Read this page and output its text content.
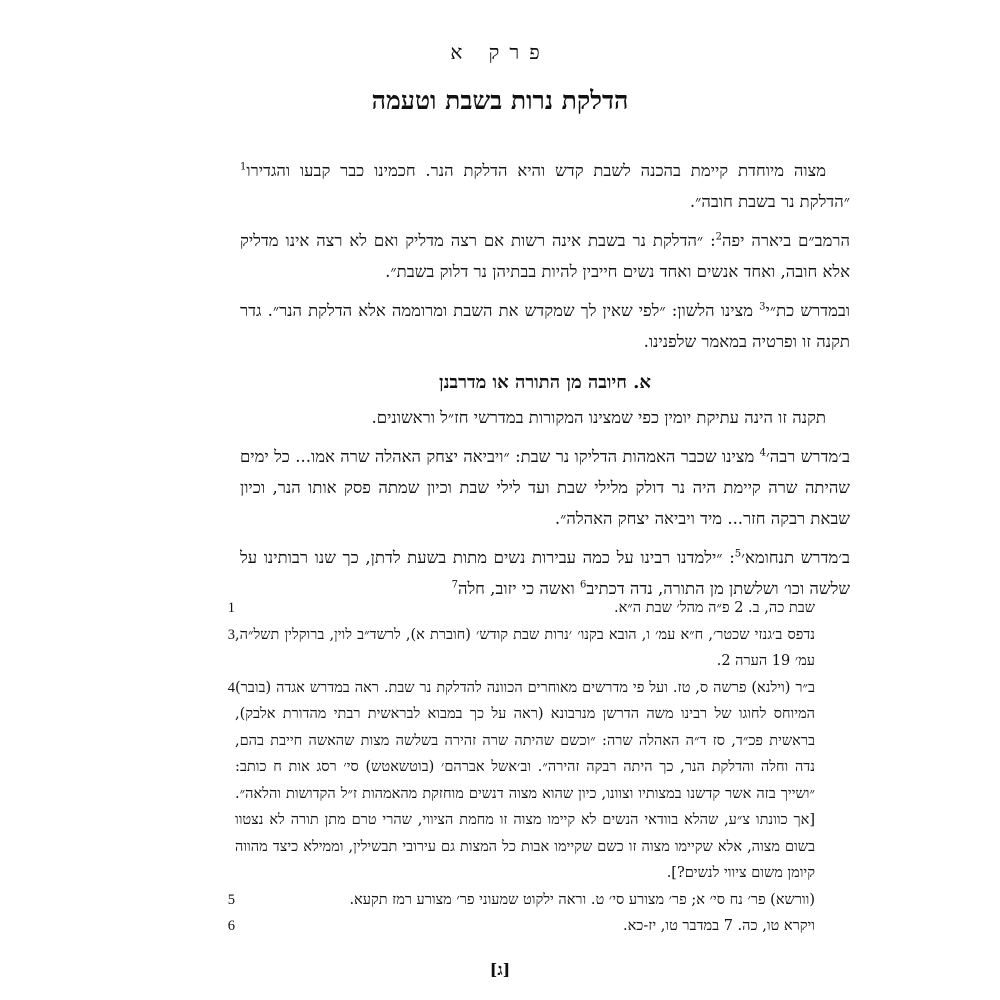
פרק א
הדלקת נרות בשבת וטעמה

מצוה מיוחדת קיימת בהכנה לשבת קדש והיא הדלקת הנר. חכמינו כבר קבעו והגדירו$^1$ ״הדלקת נר בשבת חובה״.

הרמב״ם ביארה יפה$^2$: ״הדלקת נר בשבת אינה רשות אם רצה מדליק ואם לא רצה אינו מדליק אלא חובה, ואחד אנשים ואחד נשים חייבין להיות בבתיהן נר דלוק בשבת״.

ובמדרש כת״י$^3$ מצינו הלשון: ״לפי שאין לך שמקדש את השבת ומרוממה אלא הדלקת הנר״. גדר תקנה זו ופרטיה במאמר שלפנינו.

א. חיובה מן התורה או מדרבנן

תקנה זו הינה עתיקת יומין כפי שמצינו המקורות במדרשי חז״ל וראשונים.

ב׳מדרש רבה׳$^4$ מצינו שכבר האמהות הדליקו נר שבת: ״ויביאה יצחק האהלה שרה אמו... כל ימים שהיתה שרה קיימת היה נר דולק מלילי שבת ועד לילי שבת וכיון שמתה פסק אותו הנר, וכיון שבאת רבקה חזר... מיד ויביאה יצחק האהלה״.

ב׳מדרש תנחומא׳$^5$: ״ילמדנו רבינו על כמה עבירות נשים מתות בשעת לדתן, כך שנו רבותינו על שלשה וכו׳ ושלשתן מן התורה, נדה דכתיב$^6$ ואשה כי יזוב, חלה$^7$

שבת כה, ב. 2 פ״ה מהל׳ שבת ה״א.
1
נדפס ב׳גנזי שכטר׳, ח״א עמ׳ ו, הובא בקנו׳ ׳נרות שבת קודש׳ (חוברת א), לרשד״ב לוין, ברוקלין תשל״ה, עמ׳ 19 הערה 2.
3
ב״ר (וילנא) פרשה ס, טז. ועל פי מדרשים מאוחרים הכוונה להדלקת נר שבת. ראה במדרש אגדה (בובר) המיוחס לחוגו של רבינו משה הדרשן מנרבונא (ראה על כך במבוא לבראשית רבתי מהדורת אלבק), בראשית פכ״ד, סז ד״ה האהלה שרה: ״וכשם שהיתה שרה זהירה בשלשה מצות שהאשה חייבת בהם, נדה וחלה והדלקת הנר, כך היתה רבקה זהירה״. וב׳אשל אברהם׳ (בוטשאטש) סי׳ רסג אות ח כותב: ״ושייך בזה אשר קדשנו במצותיו וצוונו, כיון שהוא מצוה דנשים מוחזקת מהאמהות ז״ל הקדושות והלאה״. [אך כוונתו צ״ע, שהלא בוודאי הנשים לא קיימו מצוה זו מחמת הציווי, שהרי טרם מתן תורה לא נצטוו בשום מצוה, אלא שקיימו מצוה זו כשם שקיימו אבות כל המצות גם עירובי תבשילין, וממילא כיצד מהווה קיומן משום ציווי לנשים?].
4
(וורשא) פר׳ נח סי׳ א; פר׳ מצורע סי׳ ט. וראה ילקוט שמעוני פר׳ מצורע רמז תקעא.
5
ויקרא טו, כה. 7 במדבר טו, יז-כא.
6
[ג]
